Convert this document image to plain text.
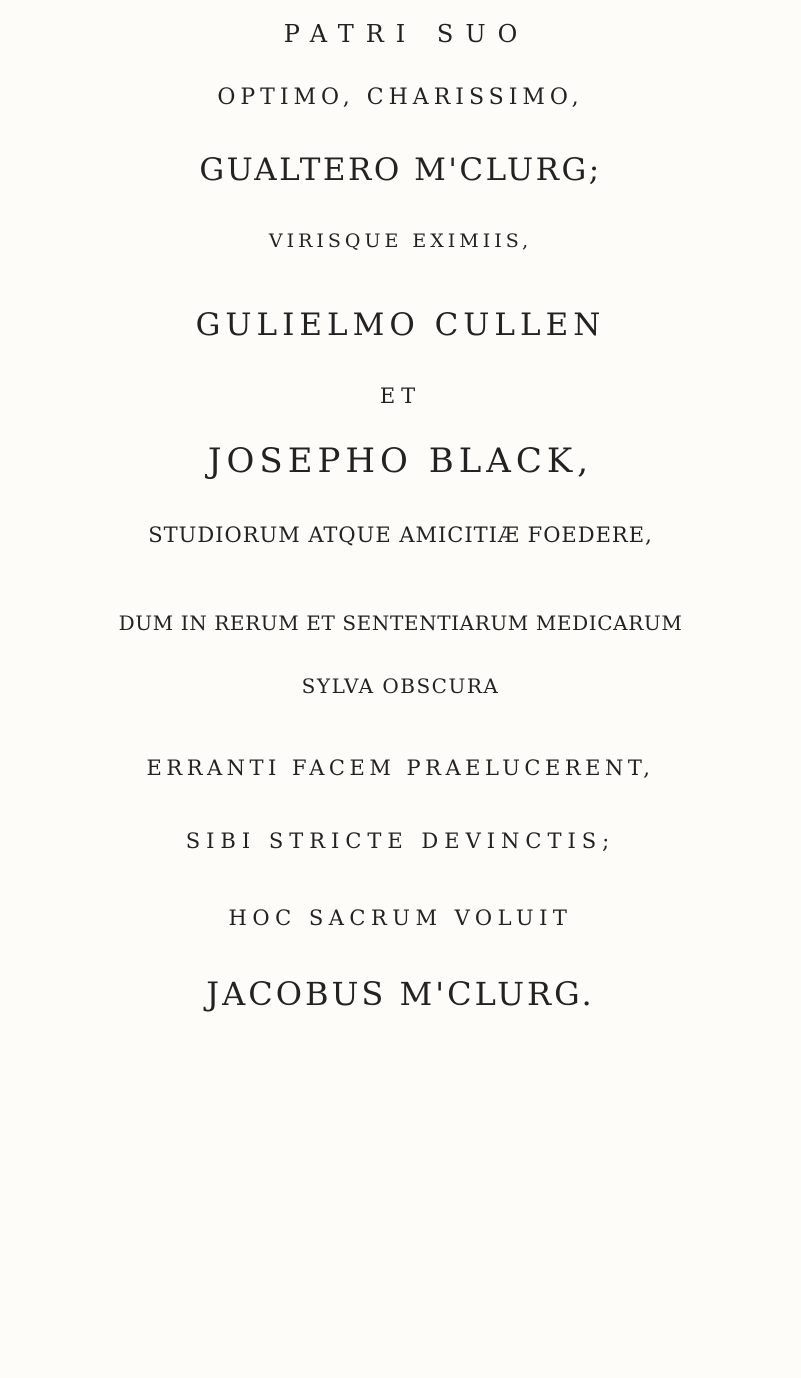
PATRI SUO
OPTIMO, CHARISSIMO,
GUALTERO M'CLURG;
VIRISQUE EXIMIIS,
GULIELMO CULLEN
ET
JOSEPHO BLACK,
STUDIORUM ATQUE AMICITIÆ FOEDERE,
DUM IN RERUM ET SENTENTIARUM MEDICARUM
SYLVA OBSCURA
ERRANTI FACEM PRAELUCERENT,
SIBI STRICTE DEVINCTIS;
HOC SACRUM VOLUIT
JACOBUS M'CLURG.
